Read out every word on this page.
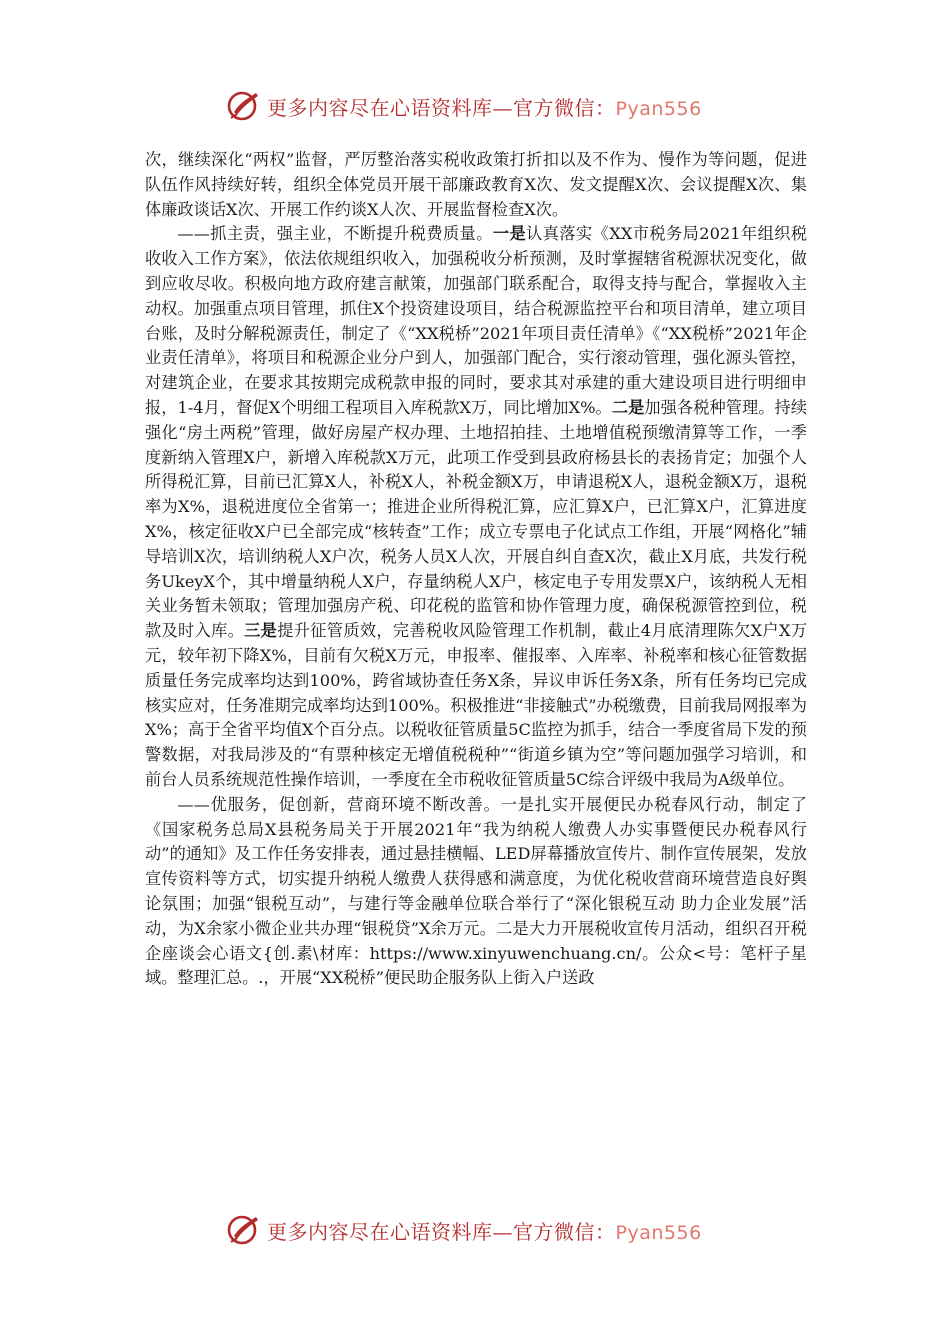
更多内容尽在心语资料库—官方微信：Pyan556

次，继续深化“两权”监督，严厉整治落实税收政策打折扣以及不作为、慢作为等问题，促进队伍作风持续好转，组织全体党员开展干部廉政教育X次、发文提醒X次、会议提醒X次、集体廉政谈话X次、开展工作约谈X人次、开展监督检查X次。

——抓主责，强主业，不断提升税费质量。一是认真落实《XX市税务局2021年组织税收收入工作方案》，依法依规组织收入，加强税收分析预测，及时掌握辖省税源状况变化，做到应收尽收。积极向地方政府建言献策，加强部门联系配合，取得支持与配合，掌握收入主动权。加强重点项目管理，抓住X个投资建设项目，结合税源监控平台和项目清单，建立项目台账，及时分解税源责任，制定了《“XX税桥”2021年项目责任清单》《“XX税桥”2021年企业责任清单》，将项目和税源企业分户到人，加强部门配合，实行滚动管理，强化源头管控，对建筑企业，在要求其按期完成税款申报的同时，要求其对承建的重大建设项目进行明细申报，1-4月，督促X个明细工程项目入库税款X万，同比增加X%。二是加强各税种管理。持续强化“房土两税”管理，做好房屋产权办理、土地招拍挂、土地增值税预缴清算等工作，一季度新纳入管理X户，新增入库税款X万元，此项工作受到县政府杨县长的表扬肯定；加强个人所得税汇算，目前已汇算X人，补税X人，补税金额X万，申请退税X人，退税金额X万，退税率为X%，退税进度位全省第一；推进企业所得税汇算，应汇算X户，已汇算X户，汇算进度X%，核定征收X户已全部完成“核转查”工作；成立专票电子化试点工作组，开展“网格化”辅导培训X次，培训纳税人X户次，税务人员X人次，开展自纠自查X次，截止X月底，共发行税务UkeyX个，其中增量纳税人X户，存量纳税人X户，核定电子专用发票X户，该纳税人无相关业务暂未领取；管理加强房产税、印花税的监管和协作管理力度，确保税源管控到位，税款及时入库。三是提升征管质效，完善税收风险管理工作机制，截止4月底清理陈欠X户X万元，较年初下降X%，目前有欠税X万元，申报率、催报率、入库率、补税率和核心征管数据质量任务完成率均达到100%，跨省域协查任务X条，异议申诉任务X条，所有任务均已完成核实应对，任务准期完成率均达到100%。积极推进“非接触式”办税缴费，目前我局网报率为X%；高于全省平均值X个百分点。以税收征管质量5C监控为抓手，结合一季度省局下发的预警数据，对我局涉及的“有票种核定无增值税税种”“街道乡镇为空”等问题加强学习培训，和前台人员系统规范性操作培训，一季度在全市税收征管质量5C综合评级中我局为A级单位。

——优服务，促创新，营商环境不断改善。一是扎实开展便民办税春风行动，制定了《国家税务总局X县税务局关于开展2021年“我为纳税人缴费人办实事暨便民办税春风行动”的通知》及工作任务安排表，通过悬挂横幅、LED屏幕播放宣传片、制作宣传展架，发放宣传资料等方式，切实提升纳税人缴费人获得感和满意度，为优化税收营商环境营造良好舆论氛围；加强“银税互动”，与建行等金融单位联合举行了“深化银税互动 助力企业发展”活动，为X余家小微企业共办理“银税贷”X余万元。二是大力开展税收宣传月活动，组织召开税企座谈会心语文{创.素\材库：https://www.xinyuwenchuang.cn/。公众<号：笔杆子星域。整理汇总。.，开展“XX税桥”便民助企服务队上街入户送政

更多内容尽在心语资料库—官方微信：Pyan556
